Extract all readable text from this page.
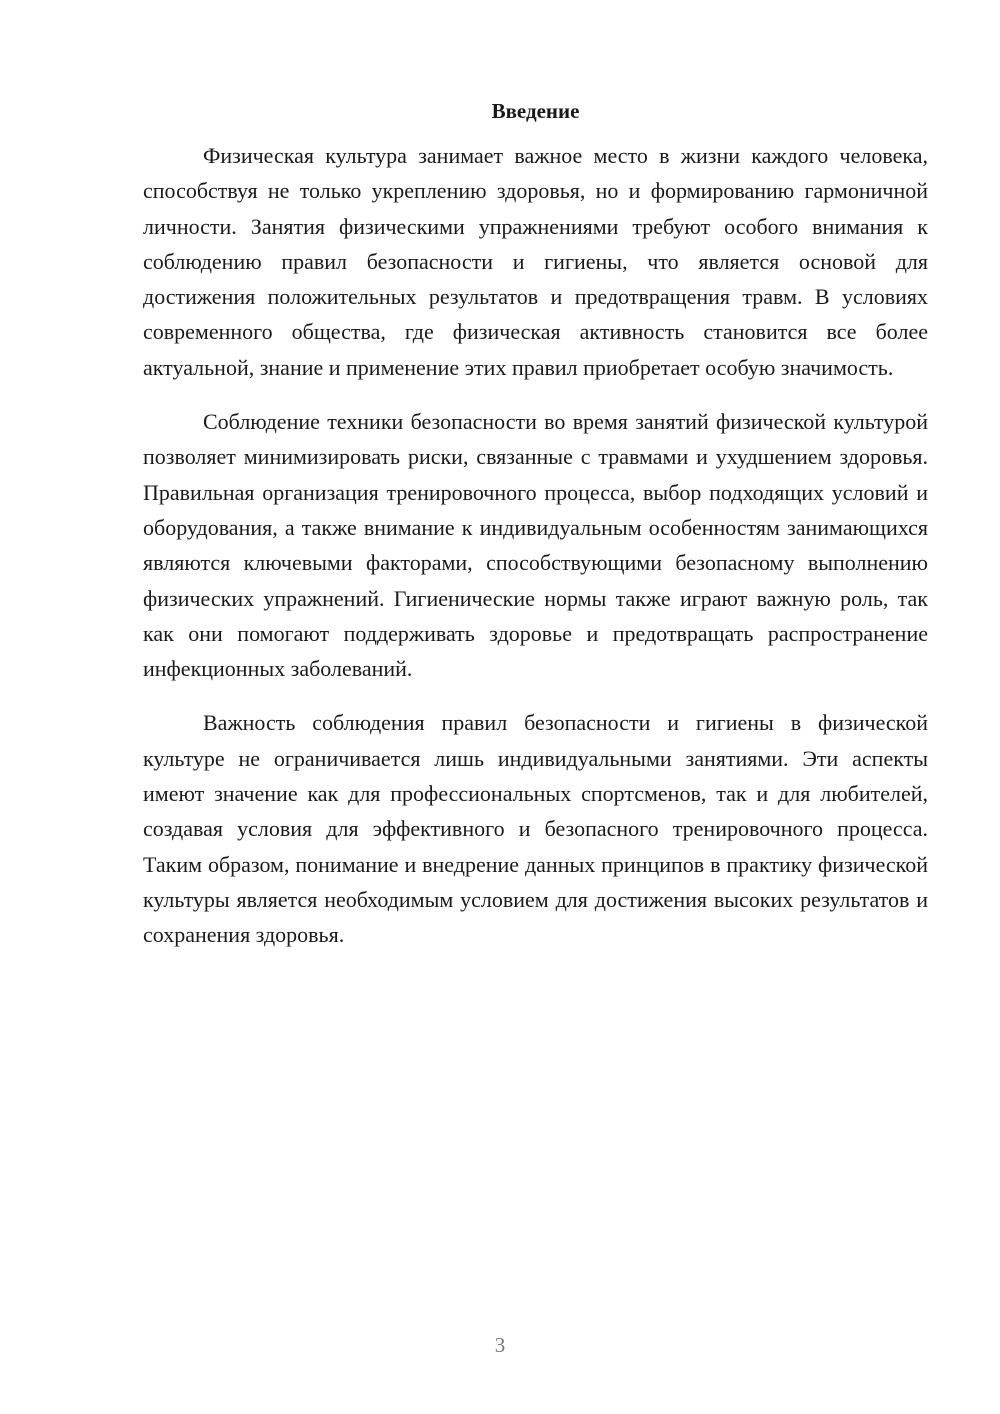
Введение

Физическая культура занимает важное место в жизни каждого человека, способствуя не только укреплению здоровья, но и формированию гармоничной личности. Занятия физическими упражнениями требуют особого внимания к соблюдению правил безопасности и гигиены, что является основой для достижения положительных результатов и предотвращения травм. В условиях современного общества, где физическая активность становится все более актуальной, знание и применение этих правил приобретает особую значимость.

Соблюдение техники безопасности во время занятий физической культурой позволяет минимизировать риски, связанные с травмами и ухудшением здоровья. Правильная организация тренировочного процесса, выбор подходящих условий и оборудования, а также внимание к индивидуальным особенностям занимающихся являются ключевыми факторами, способствующими безопасному выполнению физических упражнений. Гигиенические нормы также играют важную роль, так как они помогают поддерживать здоровье и предотвращать распространение инфекционных заболеваний.

Важность соблюдения правил безопасности и гигиены в физической культуре не ограничивается лишь индивидуальными занятиями. Эти аспекты имеют значение как для профессиональных спортсменов, так и для любителей, создавая условия для эффективного и безопасного тренировочного процесса. Таким образом, понимание и внедрение данных принципов в практику физической культуры является необходимым условием для достижения высоких результатов и сохранения здоровья.

3
